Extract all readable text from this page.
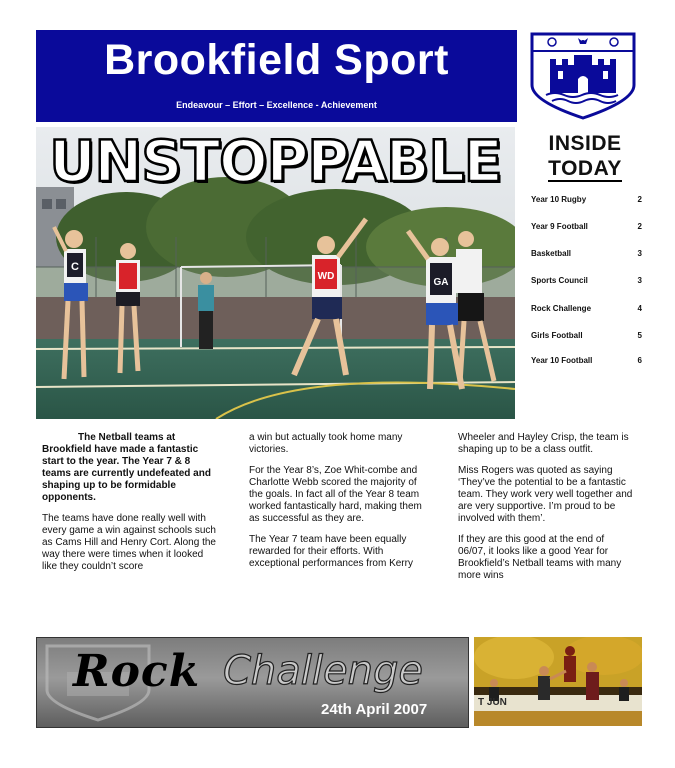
Brookfield Sport
Endeavour – Effort – Excellence - Achievement
C
WD
GA
UNSTOPPABLE	INSIDE
TODAY
Year 10 Rugby	2
Year 9 Football	2
Basketball	3
Sports Council	3
Rock Challenge	4
Girls Football	5
Year 10 Football	6

The Netball teams at Brookfield have made a fantastic start to the year. The Year 7 & 8 teams are currently undefeated and shaping up to be formidable opponents.

The teams have done really well with every game a win against schools such as Cams Hill and Henry Cort. Along the way there were times when it looked like they couldn’t score

a win but actually took home many victories.

For the Year 8’s, Zoe Whit-combe and Charlotte Webb scored the majority of the goals. In fact all of the Year 8 team worked fantastically hard, making them as successful as they are.

The Year 7 team have been equally rewarded for their efforts. With exceptional performances from Kerry

Wheeler and Hayley Crisp, the team is shaping up to be a class outfit.

Miss Rogers was quoted as saying ‘They’ve the potential to be a fantastic team. They work very well together and are very supportive. I’m proud to be involved with them’.

If they are this good at the end of 06/07, it looks like a good Year for Brookfield’s Netball teams with many more wins

Rock Challenge
24th April 2007	T JUN
